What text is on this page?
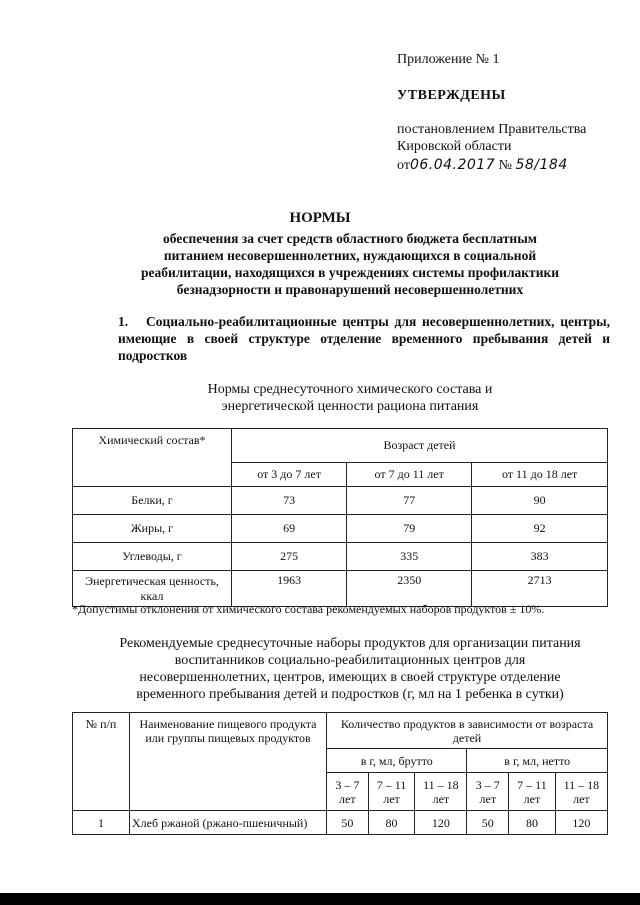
Приложение № 1
УТВЕРЖДЕНЫ
постановлением Правительства
Кировской области
от06.04.2017 № 58/184
НОРМЫ
обеспечения за счет средств областного бюджета бесплатным
питанием несовершеннолетних, нуждающихся в социальной
реабилитации, находящихся в учреждениях системы профилактики
безнадзорности и правонарушений несовершеннолетних
1. Социально-реабилитационные центры для несовершеннолетних, центры, имеющие в своей структуре отделение временного пребывания детей и подростков
Нормы среднесуточного химического состава и
энергетической ценности рациона питания
Химический состав*	Возраст детей		
	от 3 до 7 лет	от 7 до 11 лет	от 11 до 18 лет
Белки, г	73	77	90
Жиры, г	69	79	92
Углеводы, г	275	335	383
Энергетическая ценность, ккал	1963	2350	2713
*Допустимы отклонения от химического состава рекомендуемых наборов продуктов ± 10%.
Рекомендуемые среднесуточные наборы продуктов для организации питания
воспитанников социально-реабилитационных центров для
несовершеннолетних, центров, имеющих в своей структуре отделение
временного пребывания детей и подростков (г, мл на 1 ребенка в сутки)
№ п/п	Наименование пищевого продукта или группы пищевых продуктов	Количество продуктов в зависимости от возраста детей					
		в г, мл, брутто			в г, мл, нетто		
		3 – 7 лет	7 – 11 лет	11 – 18 лет	3 – 7 лет	7 – 11 лет	11 – 18 лет
1	Хлеб ржаной (ржано-пшеничный)	50	80	120	50	80	120
